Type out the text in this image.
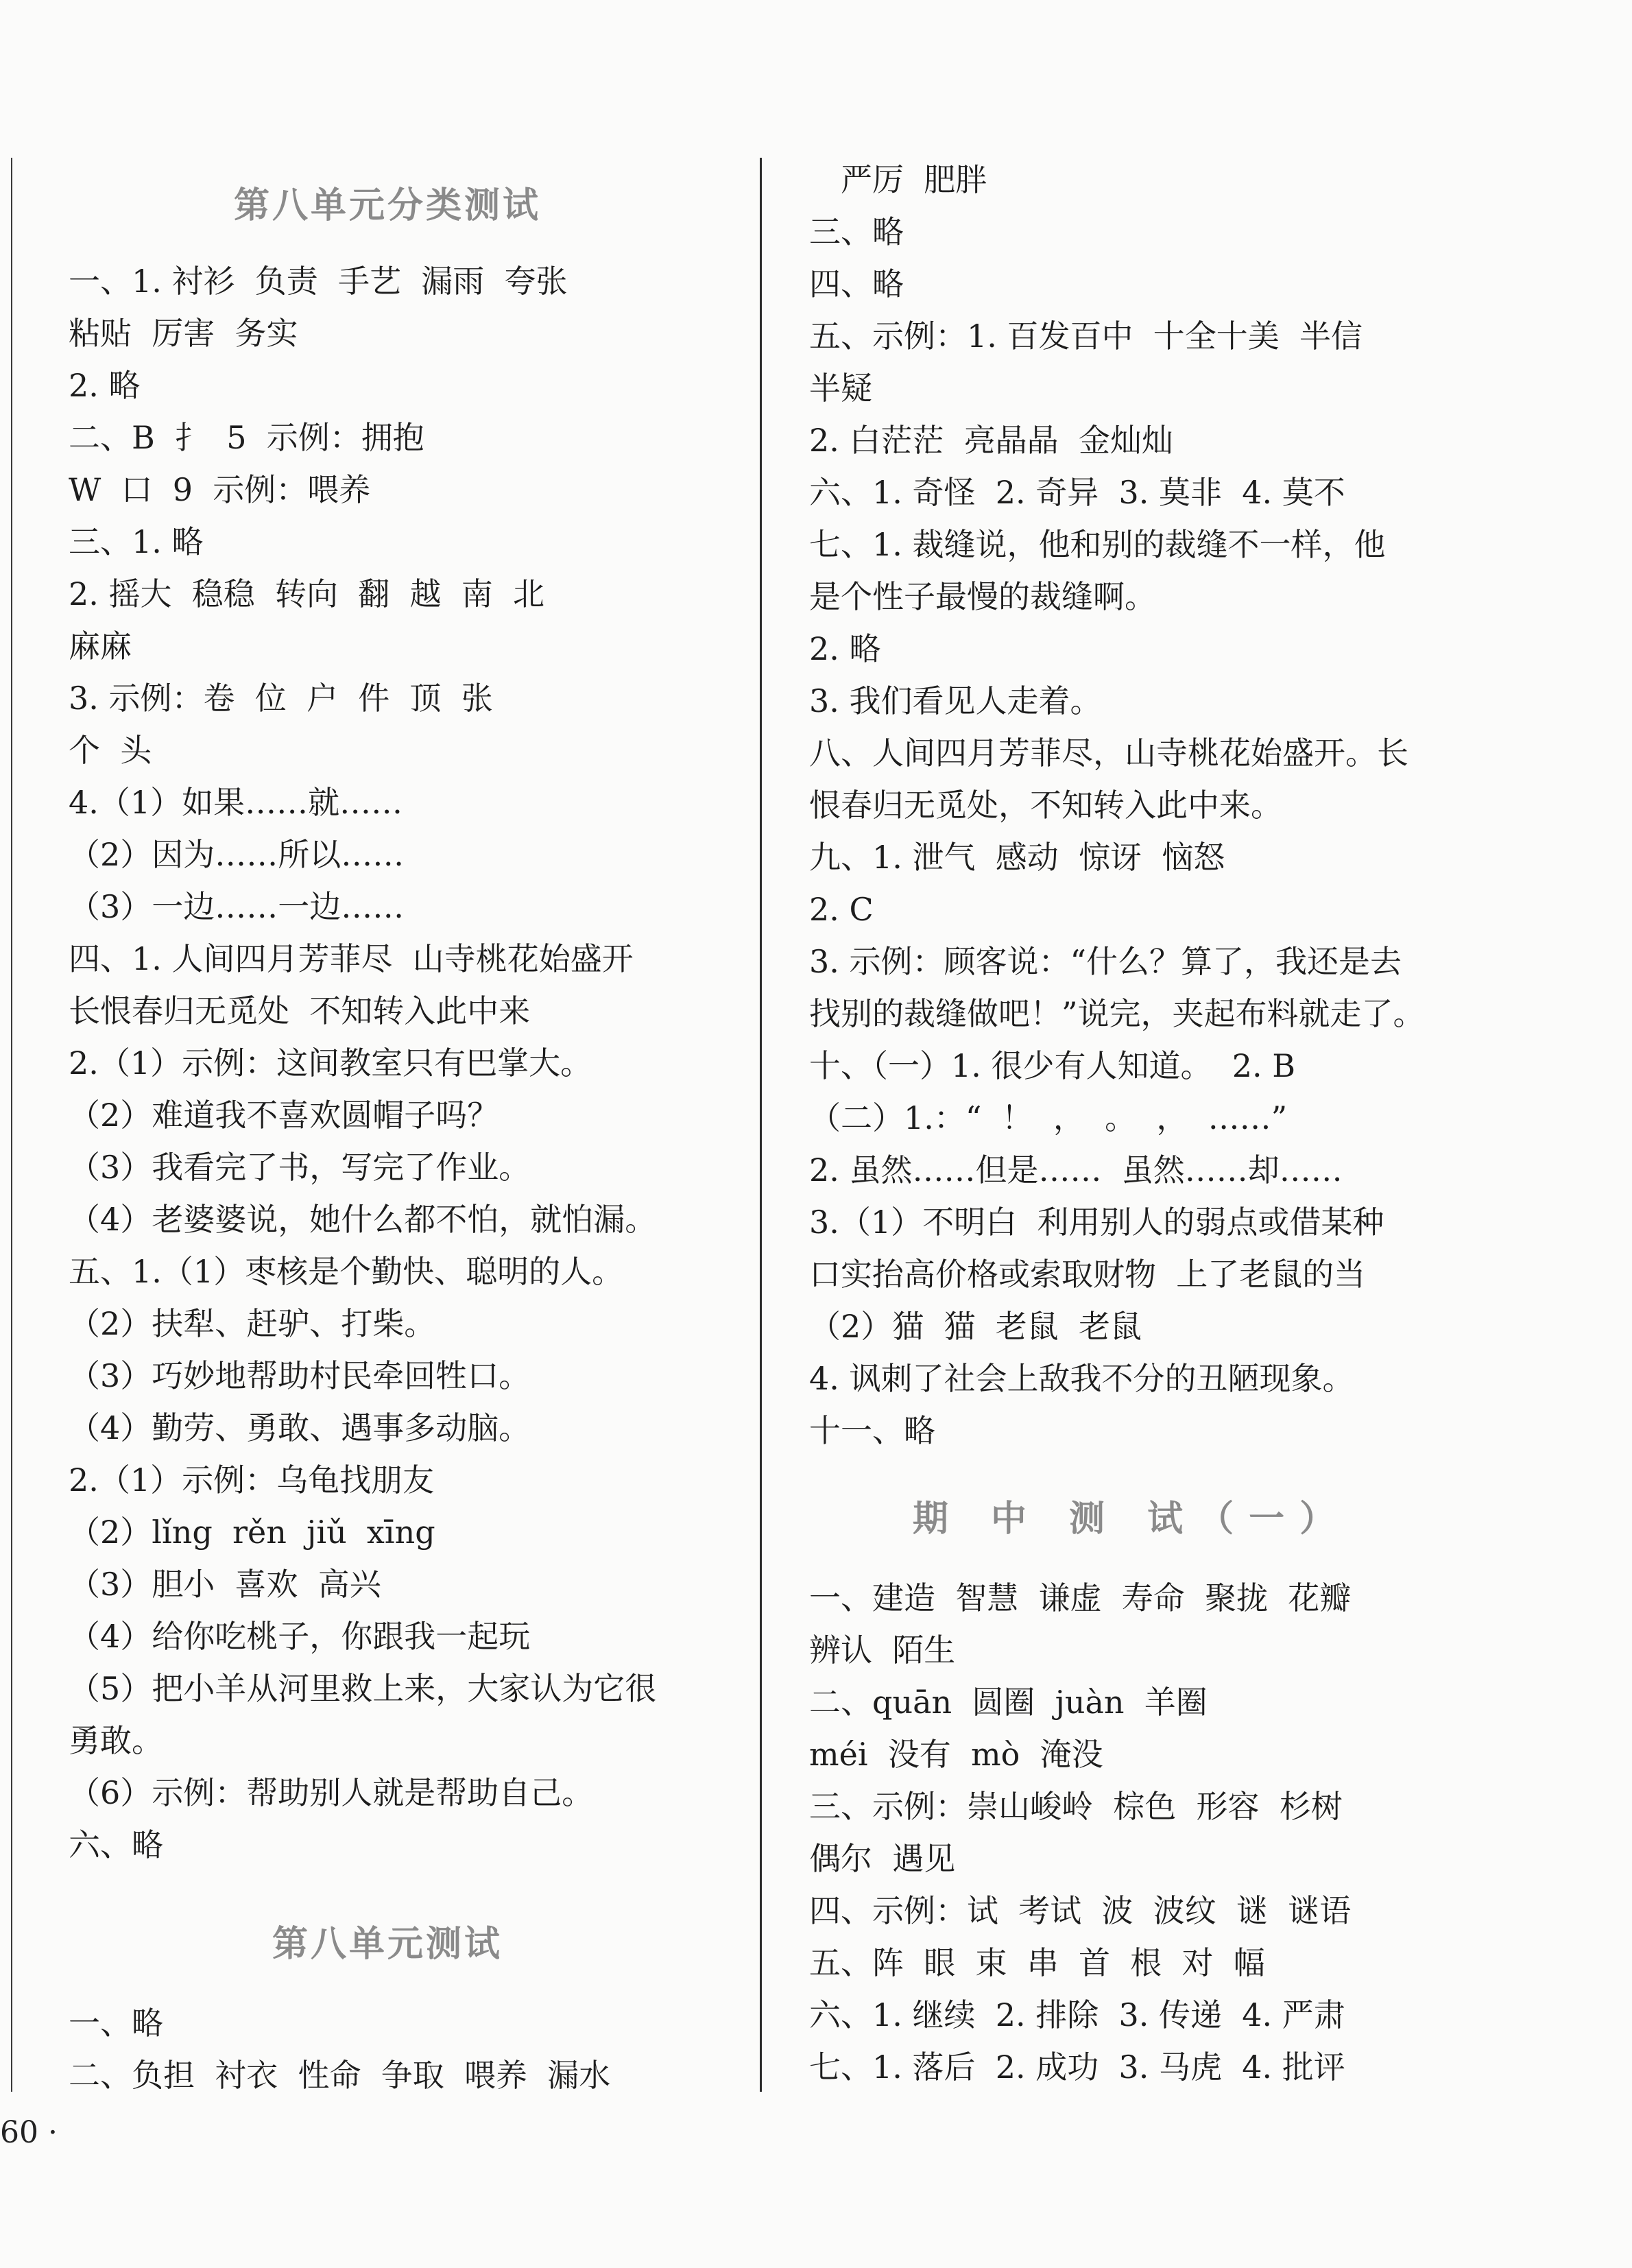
第八单元分类测试
一、1. 衬衫  负责  手艺  漏雨  夸张
粘贴  厉害  务实
2. 略
二、B  扌  5  示例：拥抱
W  口  9  示例：喂养
三、1. 略
2. 摇大  稳稳  转向  翻  越  南  北
麻麻
3. 示例：卷  位  户  件  顶  张
个  头
4.（1）如果……就……
（2）因为……所以……
（3）一边……一边……
四、1. 人间四月芳菲尽  山寺桃花始盛开
长恨春归无觅处  不知转入此中来
2.（1）示例：这间教室只有巴掌大。
（2）难道我不喜欢圆帽子吗？
（3）我看完了书，写完了作业。
（4）老婆婆说，她什么都不怕，就怕漏。
五、1.（1）枣核是个勤快、聪明的人。
（2）扶犁、赶驴、打柴。
（3）巧妙地帮助村民牵回牲口。
（4）勤劳、勇敢、遇事多动脑。
2.（1）示例：乌龟找朋友
（2）lǐng  rěn  jiǔ  xīng
（3）胆小  喜欢  高兴
（4）给你吃桃子，你跟我一起玩
（5）把小羊从河里救上来，大家认为它很
勇敢。
（6）示例：帮助别人就是帮助自己。
六、略
第八单元测试
一、略
二、负担  衬衣  性命  争取  喂养  漏水
严厉  肥胖
三、略
四、略
五、示例：1. 百发百中  十全十美  半信
半疑
2. 白茫茫  亮晶晶  金灿灿
六、1. 奇怪  2. 奇异  3. 莫非  4. 莫不
七、1. 裁缝说，他和别的裁缝不一样，他
是个性子最慢的裁缝啊。
2. 略
3. 我们看见人走着。
八、人间四月芳菲尽，山寺桃花始盛开。长
恨春归无觅处，不知转入此中来。
九、1. 泄气  感动  惊讶  恼怒
2. C
3. 示例：顾客说：“什么？算了，我还是去
找别的裁缝做吧！”说完，夹起布料就走了。
十、（一）1. 很少有人知道。  2. B
（二）1.：“  ！  ，  。  ，  ……”
2. 虽然……但是……  虽然……却……
3.（1）不明白  利用别人的弱点或借某种
口实抬高价格或索取财物  上了老鼠的当
（2）猫  猫  老鼠  老鼠
4. 讽刺了社会上敌我不分的丑陋现象。
十一、略
期 中 测 试（一）
一、建造  智慧  谦虚  寿命  聚拢  花瓣
辨认  陌生
二、quān  圆圈  juàn  羊圈
méi  没有  mò  淹没
三、示例：崇山峻岭  棕色  形容  杉树
偶尔  遇见
四、示例：试  考试  波  波纹  谜  谜语
五、阵  眼  束  串  首  根  对  幅
六、1. 继续  2. 排除  3. 传递  4. 严肃
七、1. 落后  2. 成功  3. 马虎  4. 批评
60 ·
